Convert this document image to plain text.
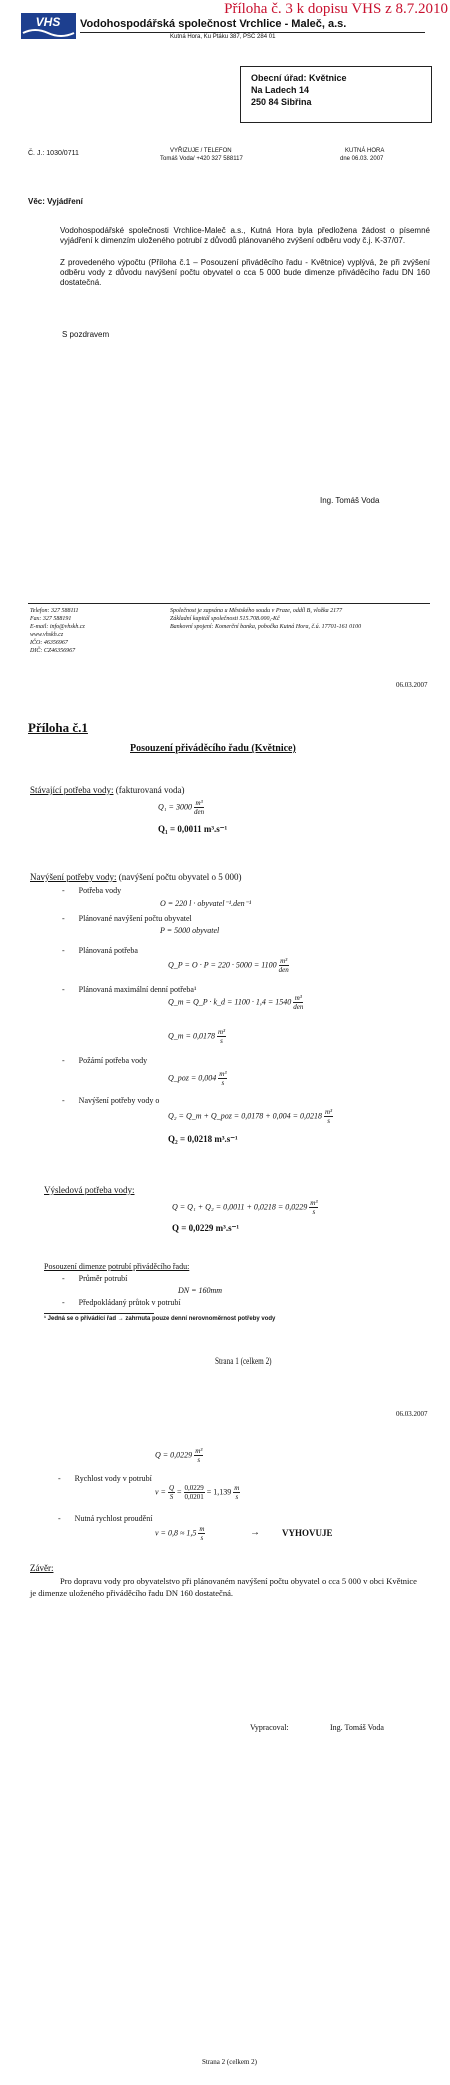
Příloha č. 3 k dopisu VHS z 8.7.2010
VHS Vodohospodářská společnost Vrchlice - Maleč, a.s.
Kutná Hora, Ku Ptáku 387, PSČ 284 01
Obecní úřad: Květnice
Na Ladech 14
250 84 Sibřina
Č. J.: 1030/0711	VYŘIZUJE / TELEFON
Tomáš Voda/ +420 327 588117
KUTNÁ HORA
dne 06.03. 2007
Věc: Vyjádření
Vodohospodářské společnosti Vrchlice-Maleč a.s., Kutná Hora byla předložena žádost o písemné vyjádření k dimenzím uloženého potrubí z důvodů plánovaného zvýšení odběru vody č.j. K-37/07.
Z provedeného výpočtu (Příloha č.1 – Posouzení přiváděcího řadu - Květnice) vyplývá, že při zvýšení odběru vody z důvodu navýšení počtu obyvatel o cca 5 000 bude dimenze přiváděcího řadu DN 160 dostatečná.
S pozdravem
Ing. Tomáš Voda
Telefon: 327 588111
Fax: 327 588191
E-mail: info@vhskh.cz
www.vhskh.cz
IČO: 46356967
DIČ: CZ46356967
Společnost je zapsána u Městského soudu v Praze, oddíl B, vložka 2177
Základní kapitál společnosti 515.708.000,-Kč
Bankovní spojení: Komerční banka, pobočka Kutná Hora, č.ú. 17701-161 0100
06.03.2007
Příloha č.1
Posouzení přiváděcího řadu (Květnice)
Stávající potřeba vody: (fakturovaná voda)
$Q_1 = 3000 \frac{\text{m³}}{\text{den}}$
Q₁ = 0,0011 m³.s⁻¹
Navýšení potřeby vody: (navýšení počtu obyvatel o 5 000)
- Potřeba vody
O = 220 l · obyvatel⁻¹.den⁻¹
- Plánované navýšení počtu obyvatel
P = 5000 obyvatel
- Plánovaná potřeba
Q_P = $O \cdot P = 220 \cdot 5000 = 1100 \frac{\text{m³}}{\text{den}}$
- Plánovaná maximální denní potřeba¹
Q_m = Q_P · k_d = $1100 \cdot 1,4 = 1540 \frac{\text{m³}}{\text{den}}$
Q_m = $0,0178 \frac{\text{m³}}{s}$
- Požární potřeba vody
Q_poz = $0,004 \frac{\text{m³}}{s}$
- Navýšení potřeby vody o
Q₂ = Q_m + Q_poz = $0,0178 + 0,004 = 0,0218 \frac{\text{m³}}{s}$
Q₂ = 0,0218 m³.s⁻¹
Výsledová potřeba vody:
$Q = Q_1 + Q_2 = 0,0011 + 0,0218 = 0,0229 \frac{\text{m³}}{s}$
Q = 0,0229 m³.s⁻¹
Posouzení dimenze potrubí přiváděcího řadu:
- Průměr potrubí
DN = 160mm
- Předpokládaný průtok v potrubí
¹ Jedná se o přívádící řad → zahrnuta pouze denní nerovnoměrnost potřeby vody
Strana 1 (celkem 2)
06.03.2007
$Q = 0,0229 \frac{\text{m³}}{s}$
- Rychlost vody v potrubí
$v = \frac{Q}{S} = \frac{0,0229}{0,0201} = 1,139 \frac{m}{s}$
- Nutná rychlost proudění
$v = 0,8 \approx 1,5 \frac{m}{s}$	→ VYHOVUJE
Závěr:
Pro dopravu vody pro obyvatelstvo při plánovaném navýšení počtu obyvatel o cca 5 000 v obci Květnice je dimenze uloženého přiváděcího řadu DN 160 dostatečná.
Vypracoval:	Ing. Tomáš Voda
Strana 2 (celkem 2)
